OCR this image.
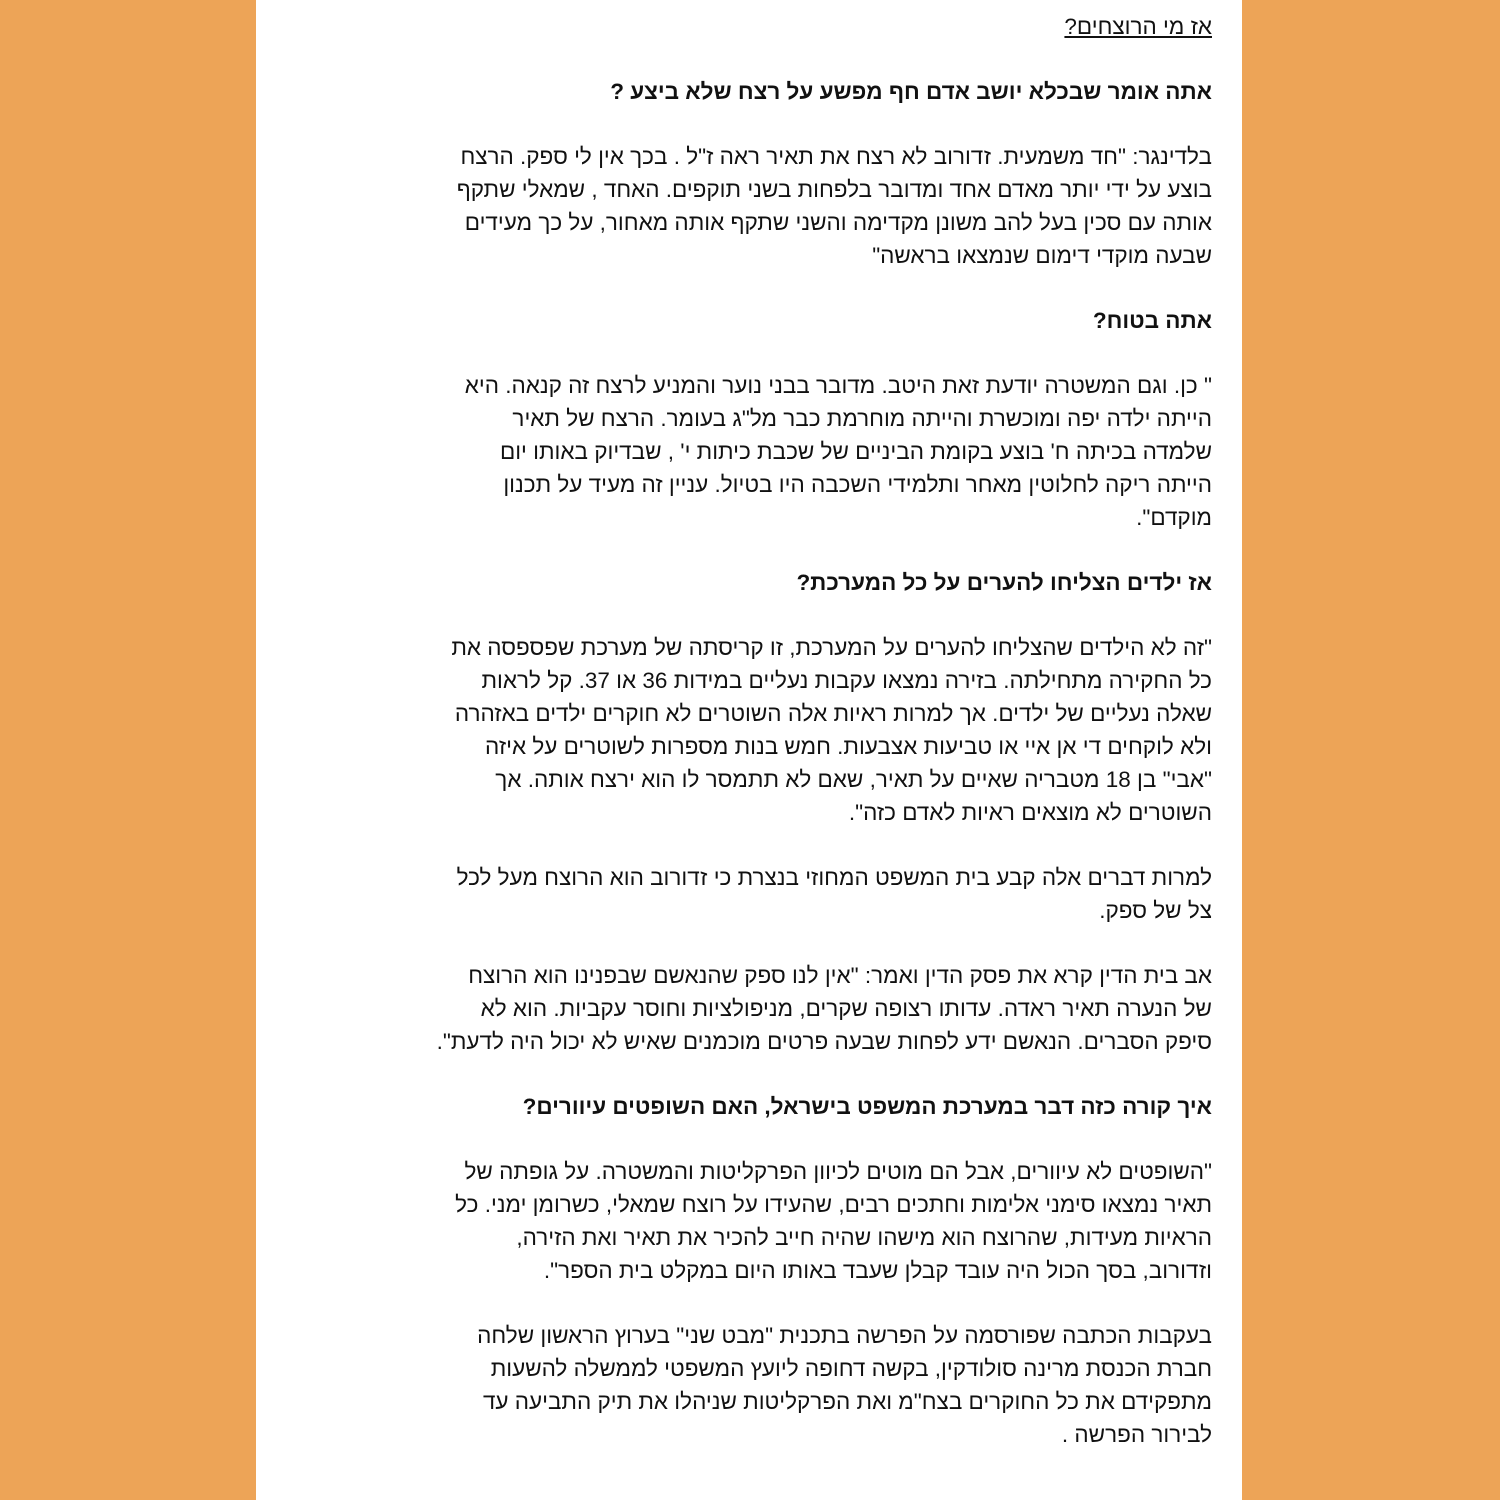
אז מי הרוצחים?
אתה אומר שבכלא יושב אדם חף מפשע על רצח שלא ביצע ?
בלדינגר: "חד משמעית. זדורוב לא רצח את תאיר ראה ז"ל . בכך אין לי ספק. הרצח
בוצע על ידי יותר מאדם אחד ומדובר בלפחות בשני תוקפים. האחד , שמאלי שתקף
אותה עם סכין בעל להב משונן מקדימה והשני שתקף אותה מאחור, על כך מעידים
שבעה מוקדי דימום שנמצאו בראשה"
אתה בטוח?
" כן. וגם המשטרה יודעת זאת היטב. מדובר בבני נוער והמניע לרצח זה קנאה. היא
הייתה ילדה יפה ומוכשרת והייתה מוחרמת כבר מל"ג בעומר. הרצח של תאיר
שלמדה בכיתה ח' בוצע בקומת הביניים של שכבת כיתות י' , שבדיוק באותו יום
הייתה ריקה לחלוטין מאחר ותלמידי השכבה היו בטיול. עניין זה מעיד על תכנון
מוקדם".
אז ילדים הצליחו להערים על כל המערכת?
"זה לא הילדים שהצליחו להערים על המערכת, זו קריסתה של מערכת שפספסה את
כל החקירה מתחילתה. בזירה נמצאו עקבות נעליים במידות 36 או 37. קל לראות
שאלה נעליים של ילדים. אך למרות ראיות אלה השוטרים לא חוקרים ילדים באזהרה
ולא לוקחים די אן איי או טביעות אצבעות. חמש בנות מספרות לשוטרים על איזה
"אבי" בן 18 מטבריה שאיים על תאיר, שאם לא תתמסר לו הוא ירצח אותה. אך
השוטרים לא מוצאים ראיות לאדם כזה".
למרות דברים אלה קבע בית המשפט המחוזי בנצרת כי זדורוב הוא הרוצח מעל לכל
צל של ספק.
אב בית הדין קרא את פסק הדין ואמר: "אין לנו ספק שהנאשם שבפנינו הוא הרוצח
של הנערה תאיר ראדה. עדותו רצופה שקרים, מניפולציות וחוסר עקביות. הוא לא
סיפק הסברים. הנאשם ידע לפחות שבעה פרטים מוכמנים שאיש לא יכול היה לדעת".
איך קורה כזה דבר במערכת המשפט בישראל, האם השופטים עיוורים?
"השופטים לא עיוורים, אבל הם מוטים לכיוון הפרקליטות והמשטרה. על גופתה של
תאיר נמצאו סימני אלימות וחתכים רבים, שהעידו על רוצח שמאלי, כשרומן ימני. כל
הראיות מעידות, שהרוצח הוא מישהו שהיה חייב להכיר את תאיר ואת הזירה,
וזדורוב, בסך הכול היה עובד קבלן שעבד באותו היום במקלט בית הספר".
בעקבות הכתבה שפורסמה על הפרשה בתכנית "מבט שני" בערוץ הראשון שלחה
חברת הכנסת מרינה סולודקין, בקשה דחופה ליועץ המשפטי לממשלה להשעות
מתפקידם את כל החוקרים בצח"מ ואת הפרקליטות שניהלו את תיק התביעה עד
לבירור הפרשה .
